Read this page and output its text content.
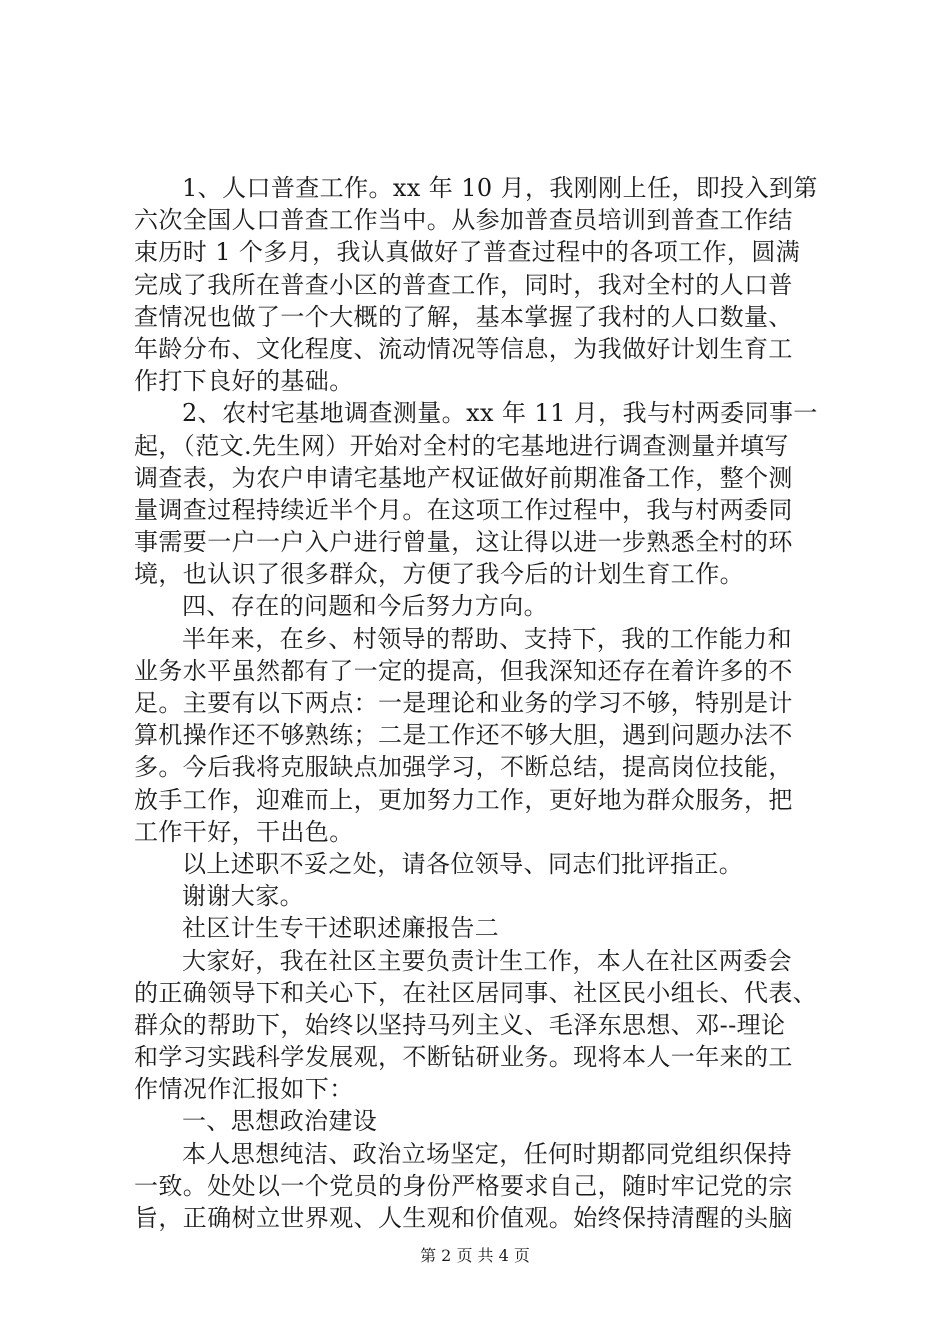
1、人口普查工作。xx 年 10 月，我刚刚上任，即投入到第
六次全国人口普查工作当中。从参加普查员培训到普查工作结
束历时 1 个多月，我认真做好了普查过程中的各项工作，圆满
完成了我所在普查小区的普查工作，同时，我对全村的人口普
查情况也做了一个大概的了解，基本掌握了我村的人口数量、
年龄分布、文化程度、流动情况等信息，为我做好计划生育工
作打下良好的基础。
2、农村宅基地调查测量。xx 年 11 月，我与村两委同事一
起，（范文.先生网）开始对全村的宅基地进行调查测量并填写
调查表，为农户申请宅基地产权证做好前期准备工作，整个测
量调查过程持续近半个月。在这项工作过程中，我与村两委同
事需要一户一户入户进行曾量，这让得以进一步熟悉全村的环
境，也认识了很多群众，方便了我今后的计划生育工作。
四、存在的问题和今后努力方向。
半年来，在乡、村领导的帮助、支持下，我的工作能力和
业务水平虽然都有了一定的提高，但我深知还存在着许多的不
足。主要有以下两点：一是理论和业务的学习不够，特别是计
算机操作还不够熟练；二是工作还不够大胆，遇到问题办法不
多。今后我将克服缺点加强学习，不断总结，提高岗位技能，
放手工作，迎难而上，更加努力工作，更好地为群众服务，把
工作干好，干出色。
以上述职不妥之处，请各位领导、同志们批评指正。
谢谢大家。
社区计生专干述职述廉报告二
大家好，我在社区主要负责计生工作，本人在社区两委会
的正确领导下和关心下，在社区居同事、社区民小组长、代表、
群众的帮助下，始终以坚持马列主义、毛泽东思想、邓--理论
和学习实践科学发展观，不断钻研业务。现将本人一年来的工
作情况作汇报如下：
一、思想政治建设
本人思想纯洁、政治立场坚定，任何时期都同党组织保持
一致。处处以一个党员的身份严格要求自己，随时牢记党的宗
旨，正确树立世界观、人生观和价值观。始终保持清醒的头脑
第 2 页 共 4 页
